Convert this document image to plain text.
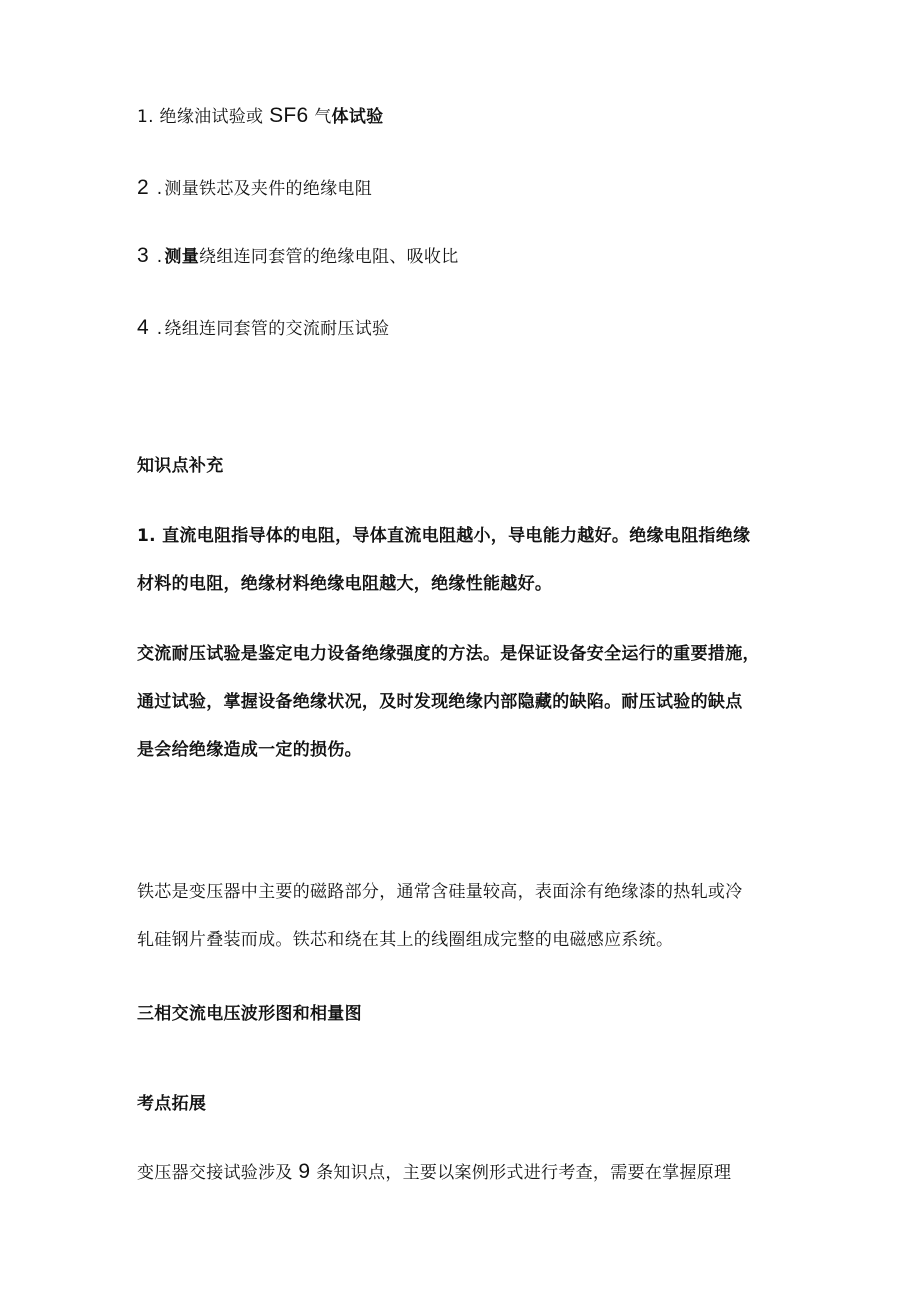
1. 绝缘油试验或 SF6 气体试验
2 . 测量铁芯及夹件的绝缘电阻
3 . 测量绕组连同套管的绝缘电阻、吸收比
4 . 绕组连同套管的交流耐压试验
知识点补充
1. 直流电阻指导体的电阻，导体直流电阻越小，导电能力越好。绝缘电阻指绝缘
材料的电阻，绝缘材料绝缘电阻越大，绝缘性能越好。
交流耐压试验是鉴定电力设备绝缘强度的方法。是保证设备安全运行的重要措施，
通过试验，掌握设备绝缘状况，及时发现绝缘内部隐藏的缺陷。耐压试验的缺点
是会给绝缘造成一定的损伤。
铁芯是变压器中主要的磁路部分，通常含硅量较高，表面涂有绝缘漆的热轧或冷
轧硅钢片叠装而成。铁芯和绕在其上的线圈组成完整的电磁感应系统。
三相交流电压波形图和相量图
考点拓展
变压器交接试验涉及 9 条知识点，主要以案例形式进行考查，需要在掌握原理
